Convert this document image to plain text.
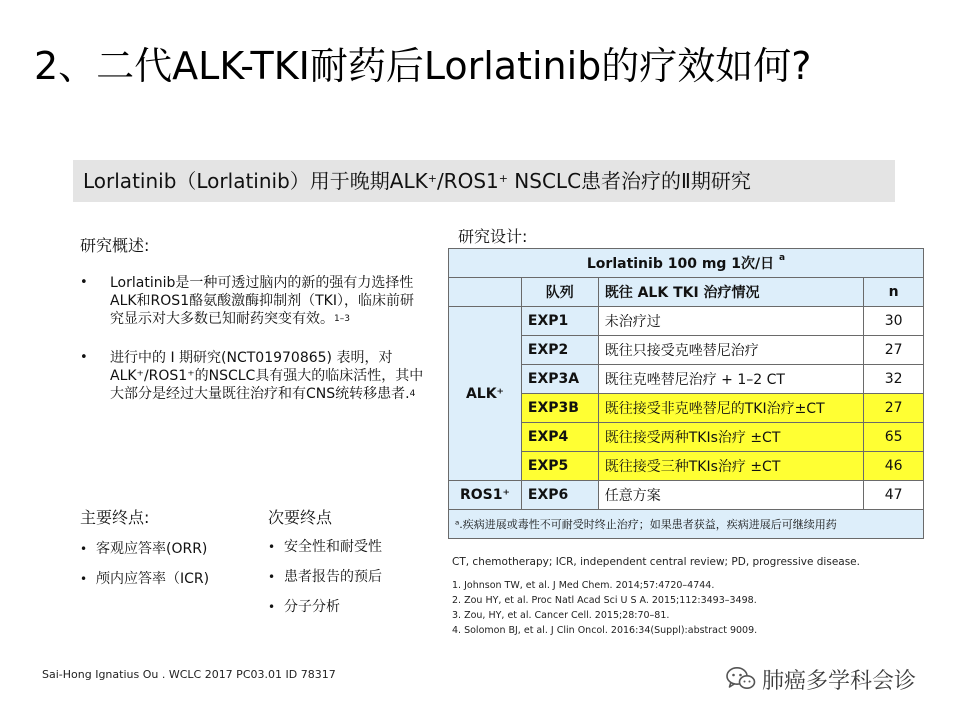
2、二代ALK-TKI耐药后Lorlatinib的疗效如何?
Lorlatinib（Lorlatinib）用于晚期ALK+/ROS1+ NSCLC患者治疗的Ⅱ期研究
研究概述:
• Lorlatinib是一种可透过脑内的新的强有力选择性ALK和ROS1酪氨酸激酶抑制剂（TKI），临床前研究显示对大多数已知耐药突变有效。$^{1-3}$
• 进行中的 I 期研究(NCT01970865) 表明，对ALK⁺/ROS1⁺的NSCLC具有强大的临床活性，其中大部分是经过大量既往治疗和有CNS统转移患者.$^4$
主要终点:
• 客观应答率(ORR)
• 颅内应答率（ICR)
次要终点
• 安全性和耐受性
• 患者报告的预后
• 分子分析
研究设计:
Lorlatinib 100 mg 1次/日 $^a$
	队列	既往 ALK TKI 治疗情况	n
ALK⁺	EXP1	未治疗过	30
	EXP2	既往只接受克唑替尼治疗	27
	EXP3A	既往克唑替尼治疗 + 1–2 CT	32
	EXP3B	既往接受非克唑替尼的TKI治疗±CT	27
	EXP4	既往接受两种TKIs治疗 ±CT	65
	EXP5	既往接受三种TKIs治疗 ±CT	46
ROS1⁺	EXP6	任意方案	47
ᵃ.疾病进展或毒性不可耐受时终止治疗；如果患者获益，疾病进展后可继续用药			
CT, chemotherapy; ICR, independent central review; PD, progressive disease.
1. Johnson TW, et al. J Med Chem. 2014;57:4720–4744.
2. Zou HY, et al. Proc Natl Acad Sci U S A. 2015;112:3493–3498.
3. Zou, HY, et al. Cancer Cell. 2015;28:70–81.
4. Solomon BJ, et al. J Clin Oncol. 2016:34(Suppl):abstract 9009.
Sai-Hong Ignatius Ou . WCLC 2017 PC03.01 ID 78317	肺癌多学科会诊
